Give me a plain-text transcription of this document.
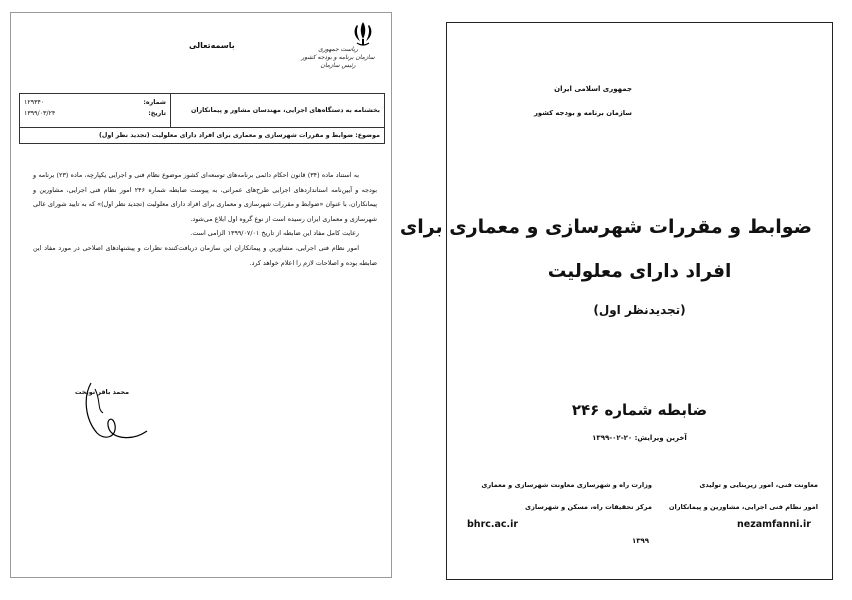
باسمه‌تعالی	ریاست جمهوری
سازمان برنامه و بودجه کشور
رئیس سازمان
بخشنامه به دستگاه‌های اجرایی، مهندسان مشاور و پیمانکاران
شماره:
۱۲۹۳۴۰
تاریخ:
۱۳۹۹/۰۳/۲۴
موضوع: ضوابط و مقررات شهرسازی و معماری برای افراد دارای معلولیت (تجدید نظر اول)

به استناد ماده (۳۴) قانون احکام دائمی برنامه‌های توسعه‌ای کشور موضوع نظام فنی و اجرایی یکپارچه، ماده (۲۳) برنامه و بودجه و آیین‌نامه استانداردهای اجرایی طرح‌های عمرانی، به پیوست ضابطه شماره ۲۴۶ امور نظام فنی اجرایی، مشاورین و پیمانکاران، با عنوان «ضوابط و مقررات شهرسازی و معماری برای افراد دارای معلولیت (تجدید نظر اول)» که به تایید شورای عالی شهرسازی و معماری ایران رسیده است از نوع گروه اول ابلاغ می‌شود.

رعایت کامل مفاد این ضابطه از تاریخ ۱۳۹۹/۰۷/۰۱ الزامی است.

امور نظام فنی اجرایی، مشاورین و پیمانکاران این سازمان دریافت‌کننده نظرات و پیشنهادهای اصلاحی در مورد مفاد این ضابطه بوده و اصلاحات لازم را اعلام خواهد کرد.

محمد باقر نوبخت
جمهوری اسلامی ایران
سازمان برنامه و بودجه کشور
ضوابط و مقررات شهرسازی و معماری برای
افراد دارای معلولیت
(تجدیدنظر اول)
ضابطه شماره ۲۴۶
آخرین ویرایش: ۲۰-۰۲-۱۳۹۹
معاونت فنی، امور زیربنایی و تولیدی
امور نظام فنی اجرایی، مشاورین و پیمانکاران
وزارت راه و شهرسازی معاونت شهرسازی و معماری
مرکز تحقیقات راه، مسکن و شهرسازی
nezamfanni.ir
bhrc.ac.ir
۱۳۹۹
